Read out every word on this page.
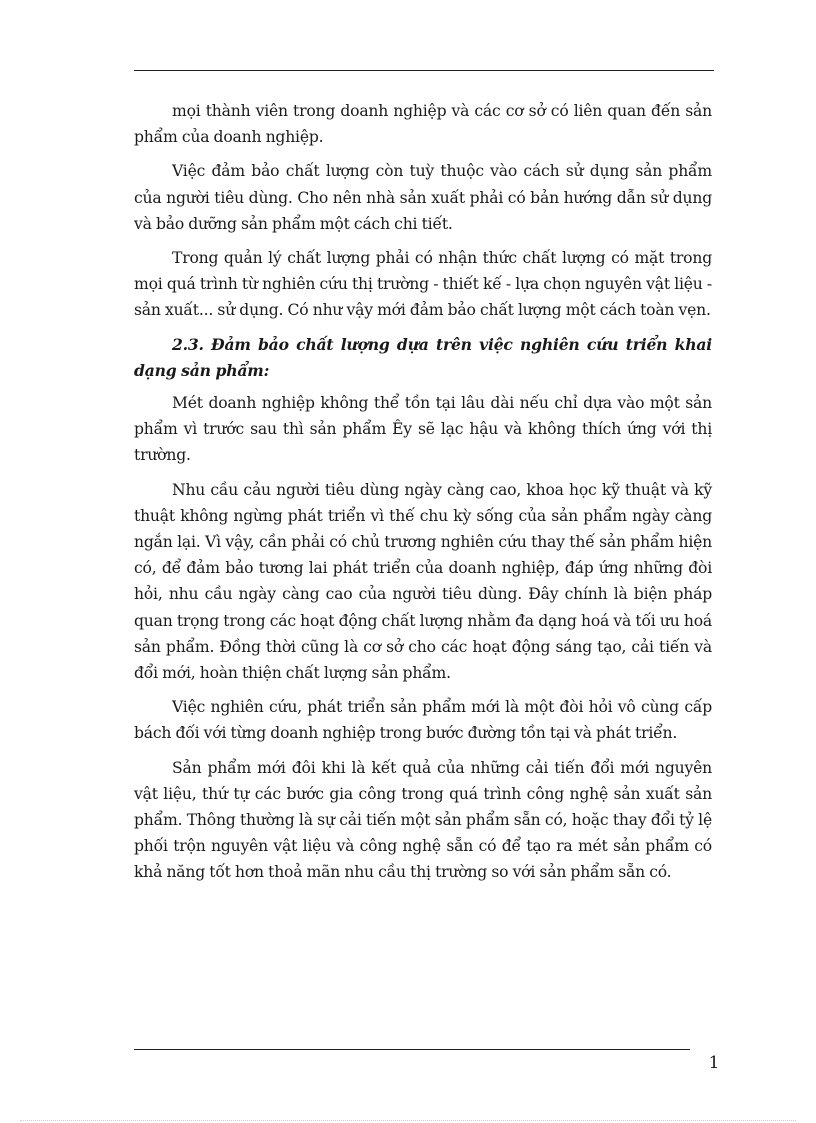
mọi thành viên trong doanh nghiệp và các cơ sở có liên quan đến sản phẩm của doanh nghiệp.

Việc đảm bảo chất lượng còn tuỳ thuộc vào cách sử dụng sản phẩm của người tiêu dùng. Cho nên nhà sản xuất phải có bản hướng dẫn sử dụng và bảo dưỡng sản phẩm một cách chi tiết.

Trong quản lý chất lượng phải có nhận thức chất lượng có mặt trong mọi quá trình từ nghiên cứu thị trường - thiết kế - lựa chọn nguyên vật liệu - sản xuất... sử dụng. Có như vậy mới đảm bảo chất lượng một cách toàn vẹn.

2.3. Đảm bảo chất lượng dựa trên việc nghiên cứu triển khai dạng sản phẩm:

Mét doanh nghiệp không thể tồn tại lâu dài nếu chỉ dựa vào một sản phẩm vì trước sau thì sản phẩm Êy sẽ lạc hậu và không thích ứng với thị trường.

Nhu cầu cảu người tiêu dùng ngày càng cao, khoa học kỹ thuật và kỹ thuật không ngừng phát triển vì thế chu kỳ sống của sản phẩm ngày càng ngắn lại. Vì vậy, cần phải có chủ trương nghiên cứu thay thế sản phẩm hiện có, để đảm bảo tương lai phát triển của doanh nghiệp, đáp ứng những đòi hỏi, nhu cầu ngày càng cao của người tiêu dùng. Đây chính là biện pháp quan trọng trong các hoạt động chất lượng nhằm đa dạng hoá và tối ưu hoá sản phẩm. Đồng thời cũng là cơ sở cho các hoạt động sáng tạo, cải tiến và đổi mới, hoàn thiện chất lượng sản phẩm.

Việc nghiên cứu, phát triển sản phẩm mới là một đòi hỏi vô cùng cấp bách đối với từng doanh nghiệp trong bước đường tồn tại và phát triển.

Sản phẩm mới đôi khi là kết quả của những cải tiến đổi mới nguyên vật liệu, thứ tự các bước gia công trong quá trình công nghệ sản xuất sản phẩm. Thông thường là sự cải tiến một sản phẩm sẵn có, hoặc thay đổi tỷ lệ phối trộn nguyên vật liệu và công nghệ sẵn có để tạo ra mét sản phẩm có khả năng tốt hơn thoả mãn nhu cầu thị trường so với sản phẩm sẵn có.

1
